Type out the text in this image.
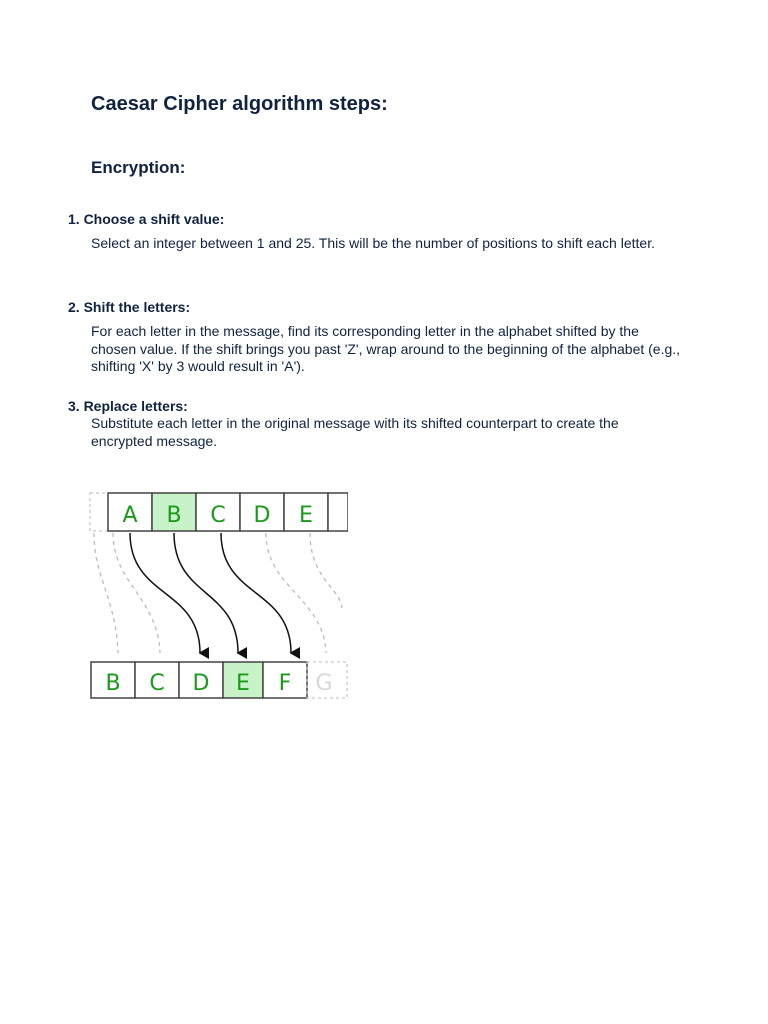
Caesar Cipher algorithm steps:
Encryption:

1. Choose a shift value:

Select an integer between 1 and 25. This will be the number of positions to shift each letter.

2. Shift the letters:

For each letter in the message, find its corresponding letter in the alphabet shifted by the chosen value. If the shift brings you past 'Z', wrap around to the beginning of the alphabet (e.g., shifting 'X' by 3 would result in 'A').

3. Replace letters:

Substitute each letter in the original message with its shifted counterpart to create the encrypted message.

A B C D E
B C D E F G
